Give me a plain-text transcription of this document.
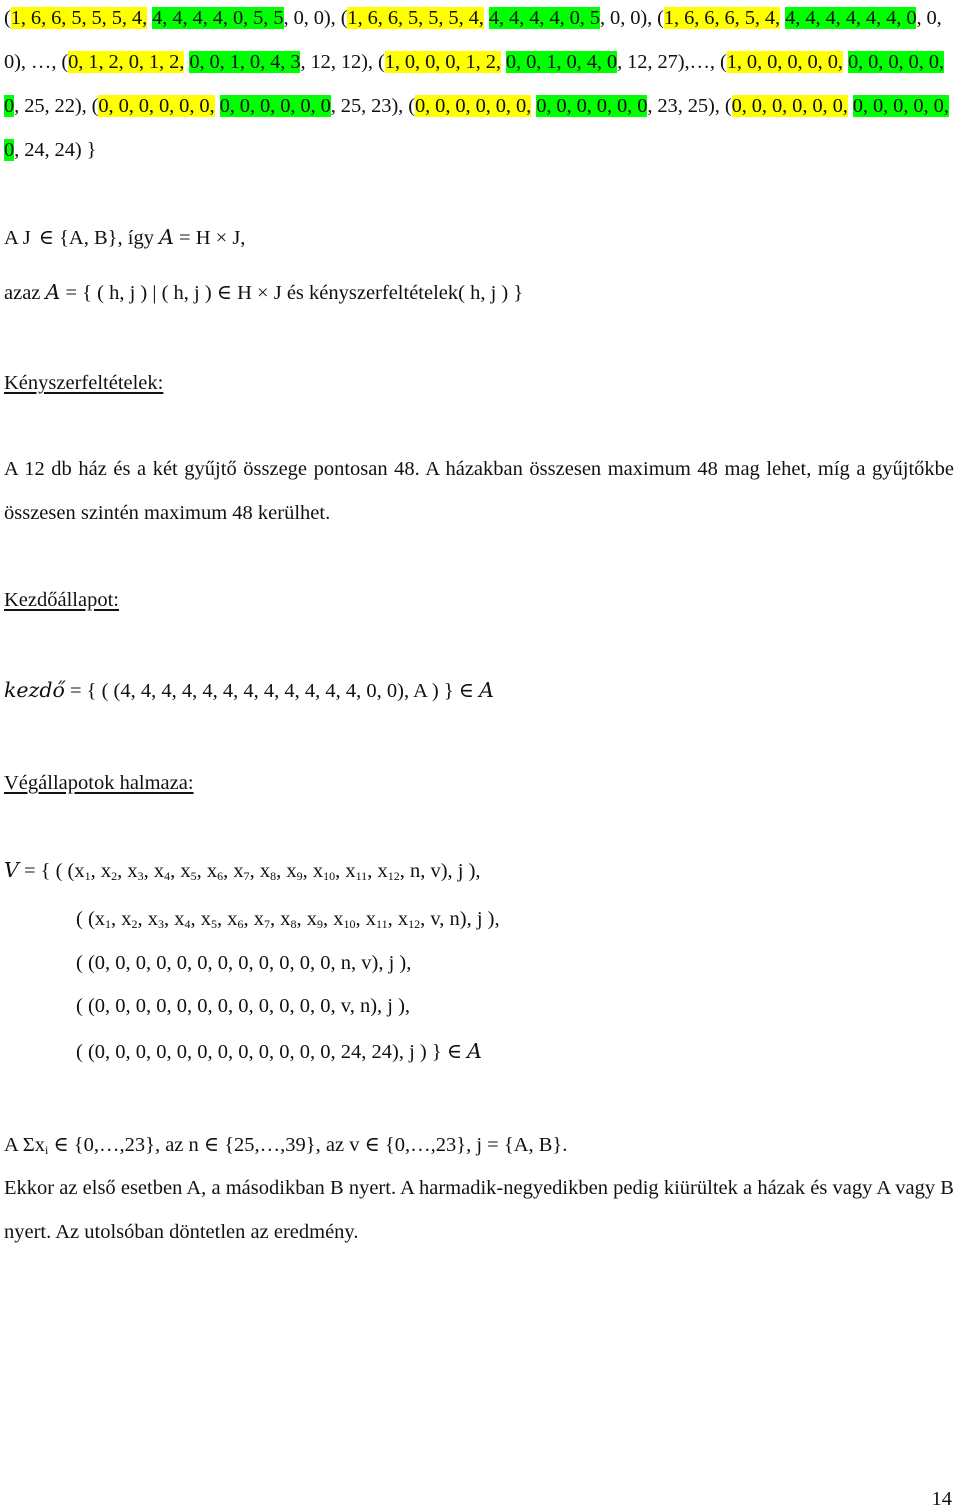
(1, 6, 6, 5, 5, 5, 4, 4, 4, 4, 4, 0, 5, 5, 0, 0), (1, 6, 6, 5, 5, 5, 4, 4, 4, 4, 4, 0, 5, 0, 0), (1, 6, 6, 6, 5, 4, 4, 4, 4, 4, 4, 4, 0, 0, 0), …, (0, 1, 2, 0, 1, 2, 0, 0, 1, 0, 4, 3, 12, 12), (1, 0, 0, 0, 1, 2, 0, 0, 1, 0, 4, 0, 12, 27),…, (1, 0, 0, 0, 0, 0, 0, 0, 0, 0, 0, 0, 25, 22), (0, 0, 0, 0, 0, 0, 0, 0, 0, 0, 0, 0, 25, 23), (0, 0, 0, 0, 0, 0, 0, 0, 0, 0, 0, 0, 23, 25), (0, 0, 0, 0, 0, 0, 0, 0, 0, 0, 0, 0, 24, 24) }
A J ∈ {A, B}, így A = H × J,
azaz A = { ( h, j ) | ( h, j ) ∈ H × J és kényszerfeltételek( h, j ) }
Kényszerfeltételek:
A 12 db ház és a két gyűjtő összege pontosan 48. A házakban összesen maximum 48 mag lehet, míg a gyűjtőkbe összesen szintén maximum 48 kerülhet.
Kezdőállapot:
kezdő = { ( (4, 4, 4, 4, 4, 4, 4, 4, 4, 4, 4, 4, 0, 0), A ) } ∈ A
Végállapotok halmaza:
V = { ( ($x_1$, $x_2$, $x_3$, $x_4$, $x_5$, $x_6$, $x_7$, $x_8$, $x_9$, $x_{10}$, $x_{11}$, $x_{12}$, n, v), j ),
( ($x_1$, $x_2$, $x_3$, $x_4$, $x_5$, $x_6$, $x_7$, $x_8$, $x_9$, $x_{10}$, $x_{11}$, $x_{12}$, v, n), j ),
( (0, 0, 0, 0, 0, 0, 0, 0, 0, 0, 0, 0, n, v), j ),
( (0, 0, 0, 0, 0, 0, 0, 0, 0, 0, 0, 0, v, n), j ),
( (0, 0, 0, 0, 0, 0, 0, 0, 0, 0, 0, 0, 24, 24), j ) } ∈ A
A $\Sigma x_i$ ∈ {0,…,23}, az n ∈ {25,…,39}, az v ∈ {0,…,23}, j = {A, B}.
Ekkor az első esetben A, a másodikban B nyert. A harmadik-negyedikben pedig kiürültek a házak és vagy A vagy B nyert. Az utolsóban döntetlen az eredmény.
14
